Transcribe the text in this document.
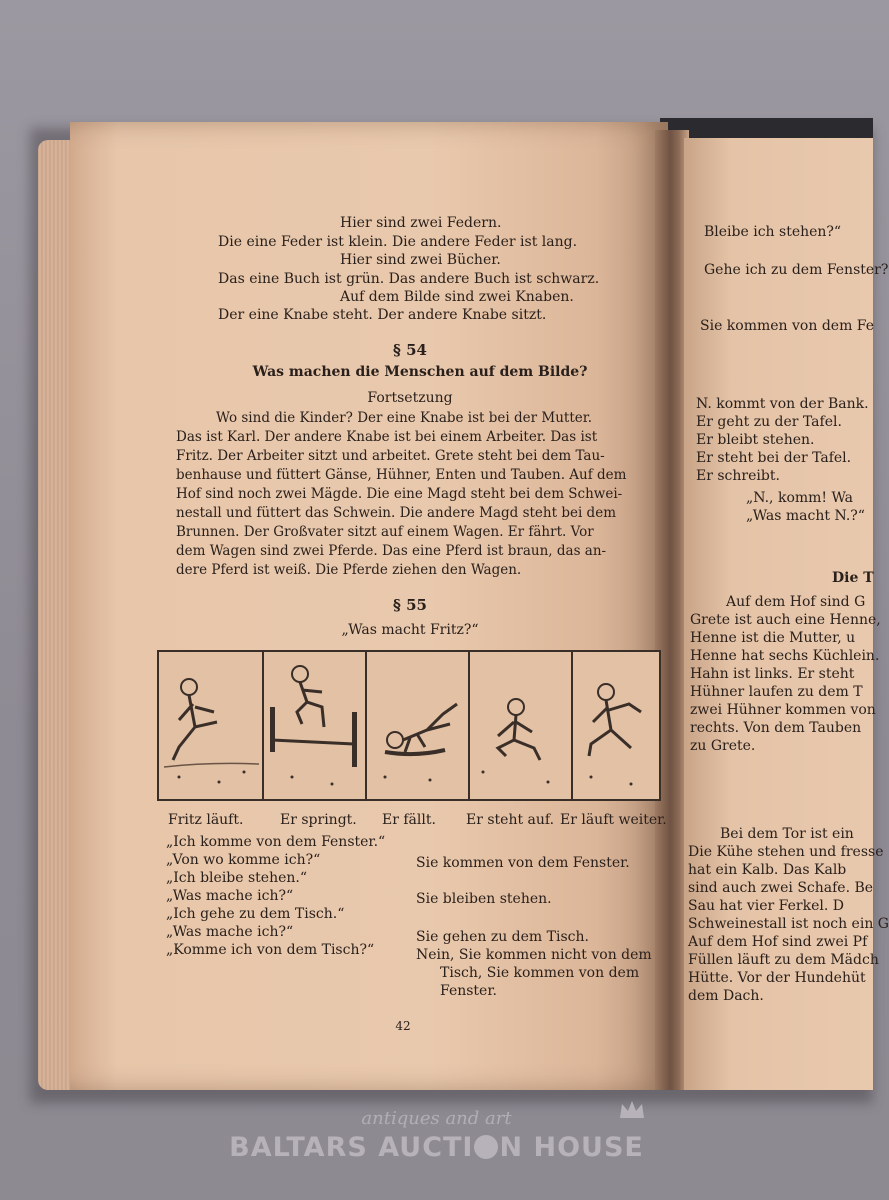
Hier sind zwei Federn.
Die eine Feder ist klein. Die andere Feder ist lang.
Hier sind zwei Bücher.
Das eine Buch ist grün. Das andere Buch ist schwarz.
Auf dem Bilde sind zwei Knaben.
Der eine Knabe steht. Der andere Knabe sitzt.
§ 54
Was machen die Menschen auf dem Bilde?
Fortsetzung
Wo sind die Kinder? Der eine Knabe ist bei der Mutter.
Das ist Karl. Der andere Knabe ist bei einem Arbeiter. Das ist
Fritz. Der Arbeiter sitzt und arbeitet. Grete steht bei dem Tau-
benhause und füttert Gänse, Hühner, Enten und Tauben. Auf dem
Hof sind noch zwei Mägde. Die eine Magd steht bei dem Schwei-
nestall und füttert das Schwein. Die andere Magd steht bei dem
Brunnen. Der Großvater sitzt auf einem Wagen. Er fährt. Vor
dem Wagen sind zwei Pferde. Das eine Pferd ist braun, das an-
dere Pferd ist weiß. Die Pferde ziehen den Wagen.
§ 55
„Was macht Fritz?“
Fritz läuft.	Er springt. Er fällt. Er steht auf. Er läuft weiter.
„Ich komme von dem Fenster.“
„Von wo komme ich?“
„Ich bleibe stehen.“
„Was mache ich?“
„Ich gehe zu dem Tisch.“
„Was mache ich?“
„Komme ich von dem Tisch?“
Sie kommen von dem Fenster.
Sie bleiben stehen.
Sie gehen zu dem Tisch.
Nein, Sie kommen nicht von dem
Tisch, Sie kommen von dem
Fenster.
42
Bleibe ich stehen?“
Gehe ich zu dem Fenster?
Sie kommen von dem Fe
N. kommt von der Bank.
Er geht zu der Tafel.
Er bleibt stehen.
Er steht bei der Tafel.
Er schreibt.
„N., komm! Wa
„Was macht N.?“
Die T
Auf dem Hof sind G
Grete ist auch eine Henne,
Henne ist die Mutter, u
Henne hat sechs Küchlein.
Hahn ist links. Er steht
Hühner laufen zu dem T
zwei Hühner kommen von
rechts. Von dem Tauben
zu Grete.
Bei dem Tor ist ein
Die Kühe stehen und fresse
hat ein Kalb. Das Kalb
sind auch zwei Schafe. Be
Sau hat vier Ferkel. D
Schweinestall ist noch ein G
Auf dem Hof sind zwei Pf
Füllen läuft zu dem Mädch
Hütte. Vor der Hundehüt
dem Dach.
antiques and art
BALTARS AUCTI N HOUSE
